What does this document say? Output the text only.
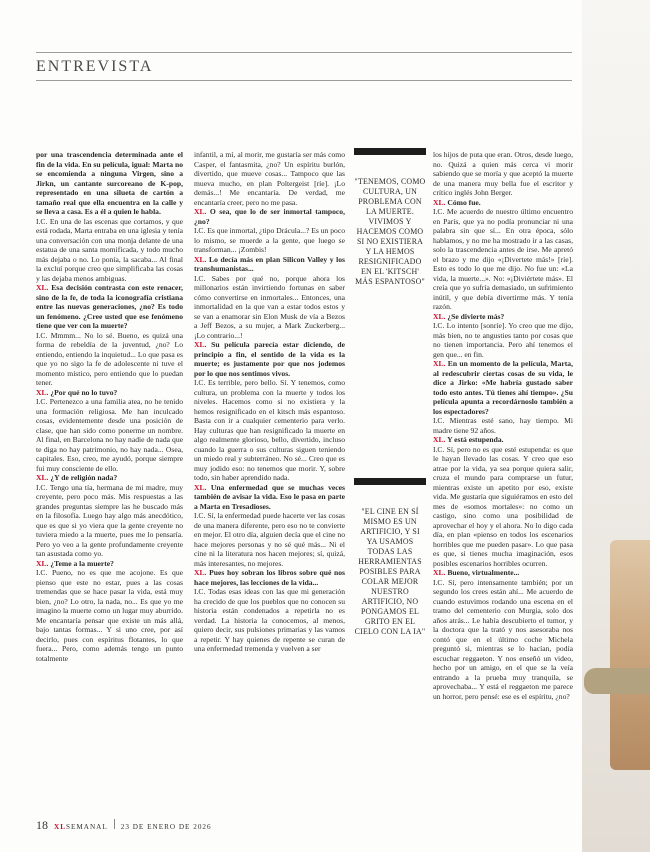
ENTREVISTA

por una trascendencia determinada ante el fin de la vida. En su película, igual: Marta no se encomienda a ninguna Virgen, sino a Jirkn, un cantante surcoreano de K-pop, representado en una silueta de cartón a tamaño real que ella encuentra en la calle y se lleva a casa. Es a él a quien le habla.
I.C. En una de las escenas que cortamos, y que está rodada, Marta entraba en una iglesia y tenía una conversación con una monja delante de una estatua de una santa momificada, y todo mucho más dejaba o no. Lo ponía, la sacaba... Al final la excluí porque creo que simplificaba las cosas y las dejaba menos ambiguas.
XL. Esa decisión contrasta con este renacer, sino de la fe, de toda la iconografía cristiana entre las nuevas generaciones, ¿no? Es todo un fenómeno. ¿Cree usted que ese fenómeno tiene que ver con la muerte?
I.C. Mmmm... No lo sé. Bueno, es quizá una forma de rebeldía de la juventud, ¿no? Lo entiendo, entiendo la inquietud... Lo que pasa es que yo no sigo la fe de adolescente ni tuve el momento místico, pero entiendo que lo puedan tener.
XL. ¿Por qué no lo tuvo?
I.C. Pertenezco a una familia atea, no he tenido una formación religiosa. Me han inculcado cosas, evidentemente desde una posición de clase, que han sido como ponerme un nombre. Al final, en Barcelona no hay nadie de nada que te diga no hay patrimonio, no hay nada... Osea, capitales. Eso, creo, me ayudó, porque siempre fui muy consciente de ello.
XL. ¿Y de religión nada?
I.C. Tengo una tía, hermana de mi madre, muy creyente, pero poco más. Mis respuestas a las grandes preguntas siempre las he buscado más en la filosofía. Luego hay algo más anecdótico, que es que si yo viera que la gente creyente no tuviera miedo a la muerte, pues me lo pensaría. Pero yo veo a la gente profundamente creyente tan asustada como yo.
XL. ¿Teme a la muerte?
I.C. Pueno, no es que me acojone. Es que pienso que este no estar, pues a las cosas tremendas que se hace pasar la vida, está muy bien, ¿no? Lo otro, la nada, no... Es que yo me imagino la muerte como un lugar muy aburrido. Me encantaría pensar que existe un más allá, bajo tantas formas... Y si uno cree, por así decirlo, pues con espíritus flotantes, lo que fuera... Pero, como además tengo un punto totalmente

infantil, a mí, al morir, me gustaría ser más como Casper, el fantasmita, ¿no? Un espíritu burlón, divertido, que mueve cosas... Tampoco que las mueva mucho, en plan Poltergeist [ríe]. ¡Lo demás...! Me encantaría. De verdad, me encantaría creer, pero no me pasa.
XL. O sea, que lo de ser inmortal tampoco, ¿no?
I.C. Es que inmortal, ¿tipo Drácula...? Es un poco lo mismo, se muerde a la gente, que luego se transforman... ¡Zombis!
XL. Lo decía más en plan Silicon Valley y los transhumanistas...
I.C. Sabes por qué no, porque ahora los millonarios están invirtiendo fortunas en saber cómo convertirse en inmortales... Entonces, una inmortalidad en la que van a estar todos estos y se van a enamorar sin Elon Musk de vía a Bezos a Jeff Bezos, a su mujer, a Mark Zuckerberg... ¡Lo contrario...!
XL. Su película parecía estar diciendo, de principio a fin, el sentido de la vida es la muerte; es justamente por que nos jodemos por lo que nos sentimos vivos.
I.C. Es terrible, pero bello. Sí. Y tenemos, como cultura, un problema con la muerte y todos los niveles. Hacemos como si no existiera y la hemos resignificado en el kitsch más espantoso. Basta con ir a cualquier cementerio para verlo. Hay culturas que han resignificado la muerte en algo realmente glorioso, bello, divertido, incluso cuando la guerra o sus culturas siguen teniendo un miedo real y subterráneo. No sé... Creo que es muy jodido eso: no tenemos que morir. Y, sobre todo, sin haber aprendido nada.
XL. Una enfermedad que se muchas veces también de avisar la vida. Eso le pasa en parte a Marta en Tresadioses.
I.C. Sí, la enfermedad puede hacerte ver las cosas de una manera diferente, pero eso no te convierte en mejor. El otro día, alguien decía que el cine no hace mejores personas y no sé qué más... Ni el cine ni la literatura nos hacen mejores; sí, quizá, más interesantes, no mejores.
XL. Pues hoy sobran los libros sobre qué nos hace mejores, las lecciones de la vida...
I.C. Todas esas ideas con las que mi generación ha crecido de que los pueblos que no conocen su historia están condenados a repetirla no es verdad. La historia la conocemos, al menos, quiero decir, sus pulsiones primarias y las vamos a repetir. Y hay quienes de repente se curan de una enfermedad tremenda y vuelven a ser

los hijos de puta que eran. Otros, desde luego, no. Quizá a quien más cerca vi morir sabiendo que se moría y que aceptó la muerte de una manera muy bella fue el escritor y crítico inglés John Berger.
XL. Cómo fue.
I.C. Me acuerdo de nuestro último encuentro en París, que ya no podía pronunciar ni una palabra sin que sí... En otra época, sólo hablamos, y no me ha mostrado ir a las casas, solo la trascendencia antes de irse. Me apretó el brazo y me dijo «¡Divertete más!» [ríe]. Esto es todo lo que me dijo. No fue un: «La vida, la muerte...». No: «¡Diviértete más». El creía que yo sufría demasiado, un sufrimiento inútil, y que debía divertirme más. Y tenía razón.
XL. ¿Se divierte más?
I.C. Lo intento [sonríe]. Yo creo que me dijo, más bien, no te angusties tanto por cosas que no tienen importancia. Pero ahí tenemos el gen que... en fin.
XL. En un momento de la película, Marta, al redescubrir ciertas cosas de su vida, le dice a Jirko: «Me habría gustado saber todo esto antes. Tú tienes ahí tiempo». ¿Su película apunta a recordárnoslo también a los espectadores?
I.C. Mientras esté sano, hay tiempo. Mi madre tiene 92 años.
XL. Y está estupenda.
I.C. Sí, pero no es que esté estupenda: es que le hayan llevado las cosas. Y creo que eso atrae por la vida, ya sea porque quiera salir, cruza el mundo para comprarse un futur, mientras existe un apetito por eso, existe vida. Me gustaría que siguiéramos en esto del mes de «somos mortales»: no como un castigo, sino como una posibilidad de aprovechar el hoy y el ahora. No lo digo cada día, en plan «pienso en todos los escenarios horribles que me pueden pasar». Lo que pasa es que, si tienes mucha imaginación, esos posibles escenarios horribles ocurren.
XL. Bueno, virtualmente...
I.C. Sí, pero intensamente también; por un segundo los crees están ahí... Me acuerdo de cuando estuvimos rodando una escena en el tramo del cementerio con Murgia, solo dos años atrás... Le había descubierto el tumor, y la doctora que la trató y nos asesoraba nos contó que en el último coche Michela preguntó si, mientras se lo hacían, podía escuchar reggaeton. Y nos enseñó un video, hecho por un amigo, en el que se la veía entrando a la prueba muy tranquila, se aprovechaba... Y está el reggaeton me parece un horror, pero pensé: ese es el espíritu, ¿no?

"TENEMOS, COMO CULTURA, UN PROBLEMA CON LA MUERTE. VIVIMOS Y HACEMOS COMO SI NO EXISTIERA Y LA HEMOS RESIGNIFICADO EN EL 'KITSCH' MÁS ESPANTOSO"
"EL CINE EN SÍ MISMO ES UN ARTIFICIO, Y SI YA USAMOS TODAS LAS HERRAMIENTAS POSIBLES PARA COLAR MEJOR NUESTRO ARTIFICIO, NO PONGAMOS EL GRITO EN EL CIELO CON LA IA"
18 XLSEMANAL 23 DE ENERO DE 2026
